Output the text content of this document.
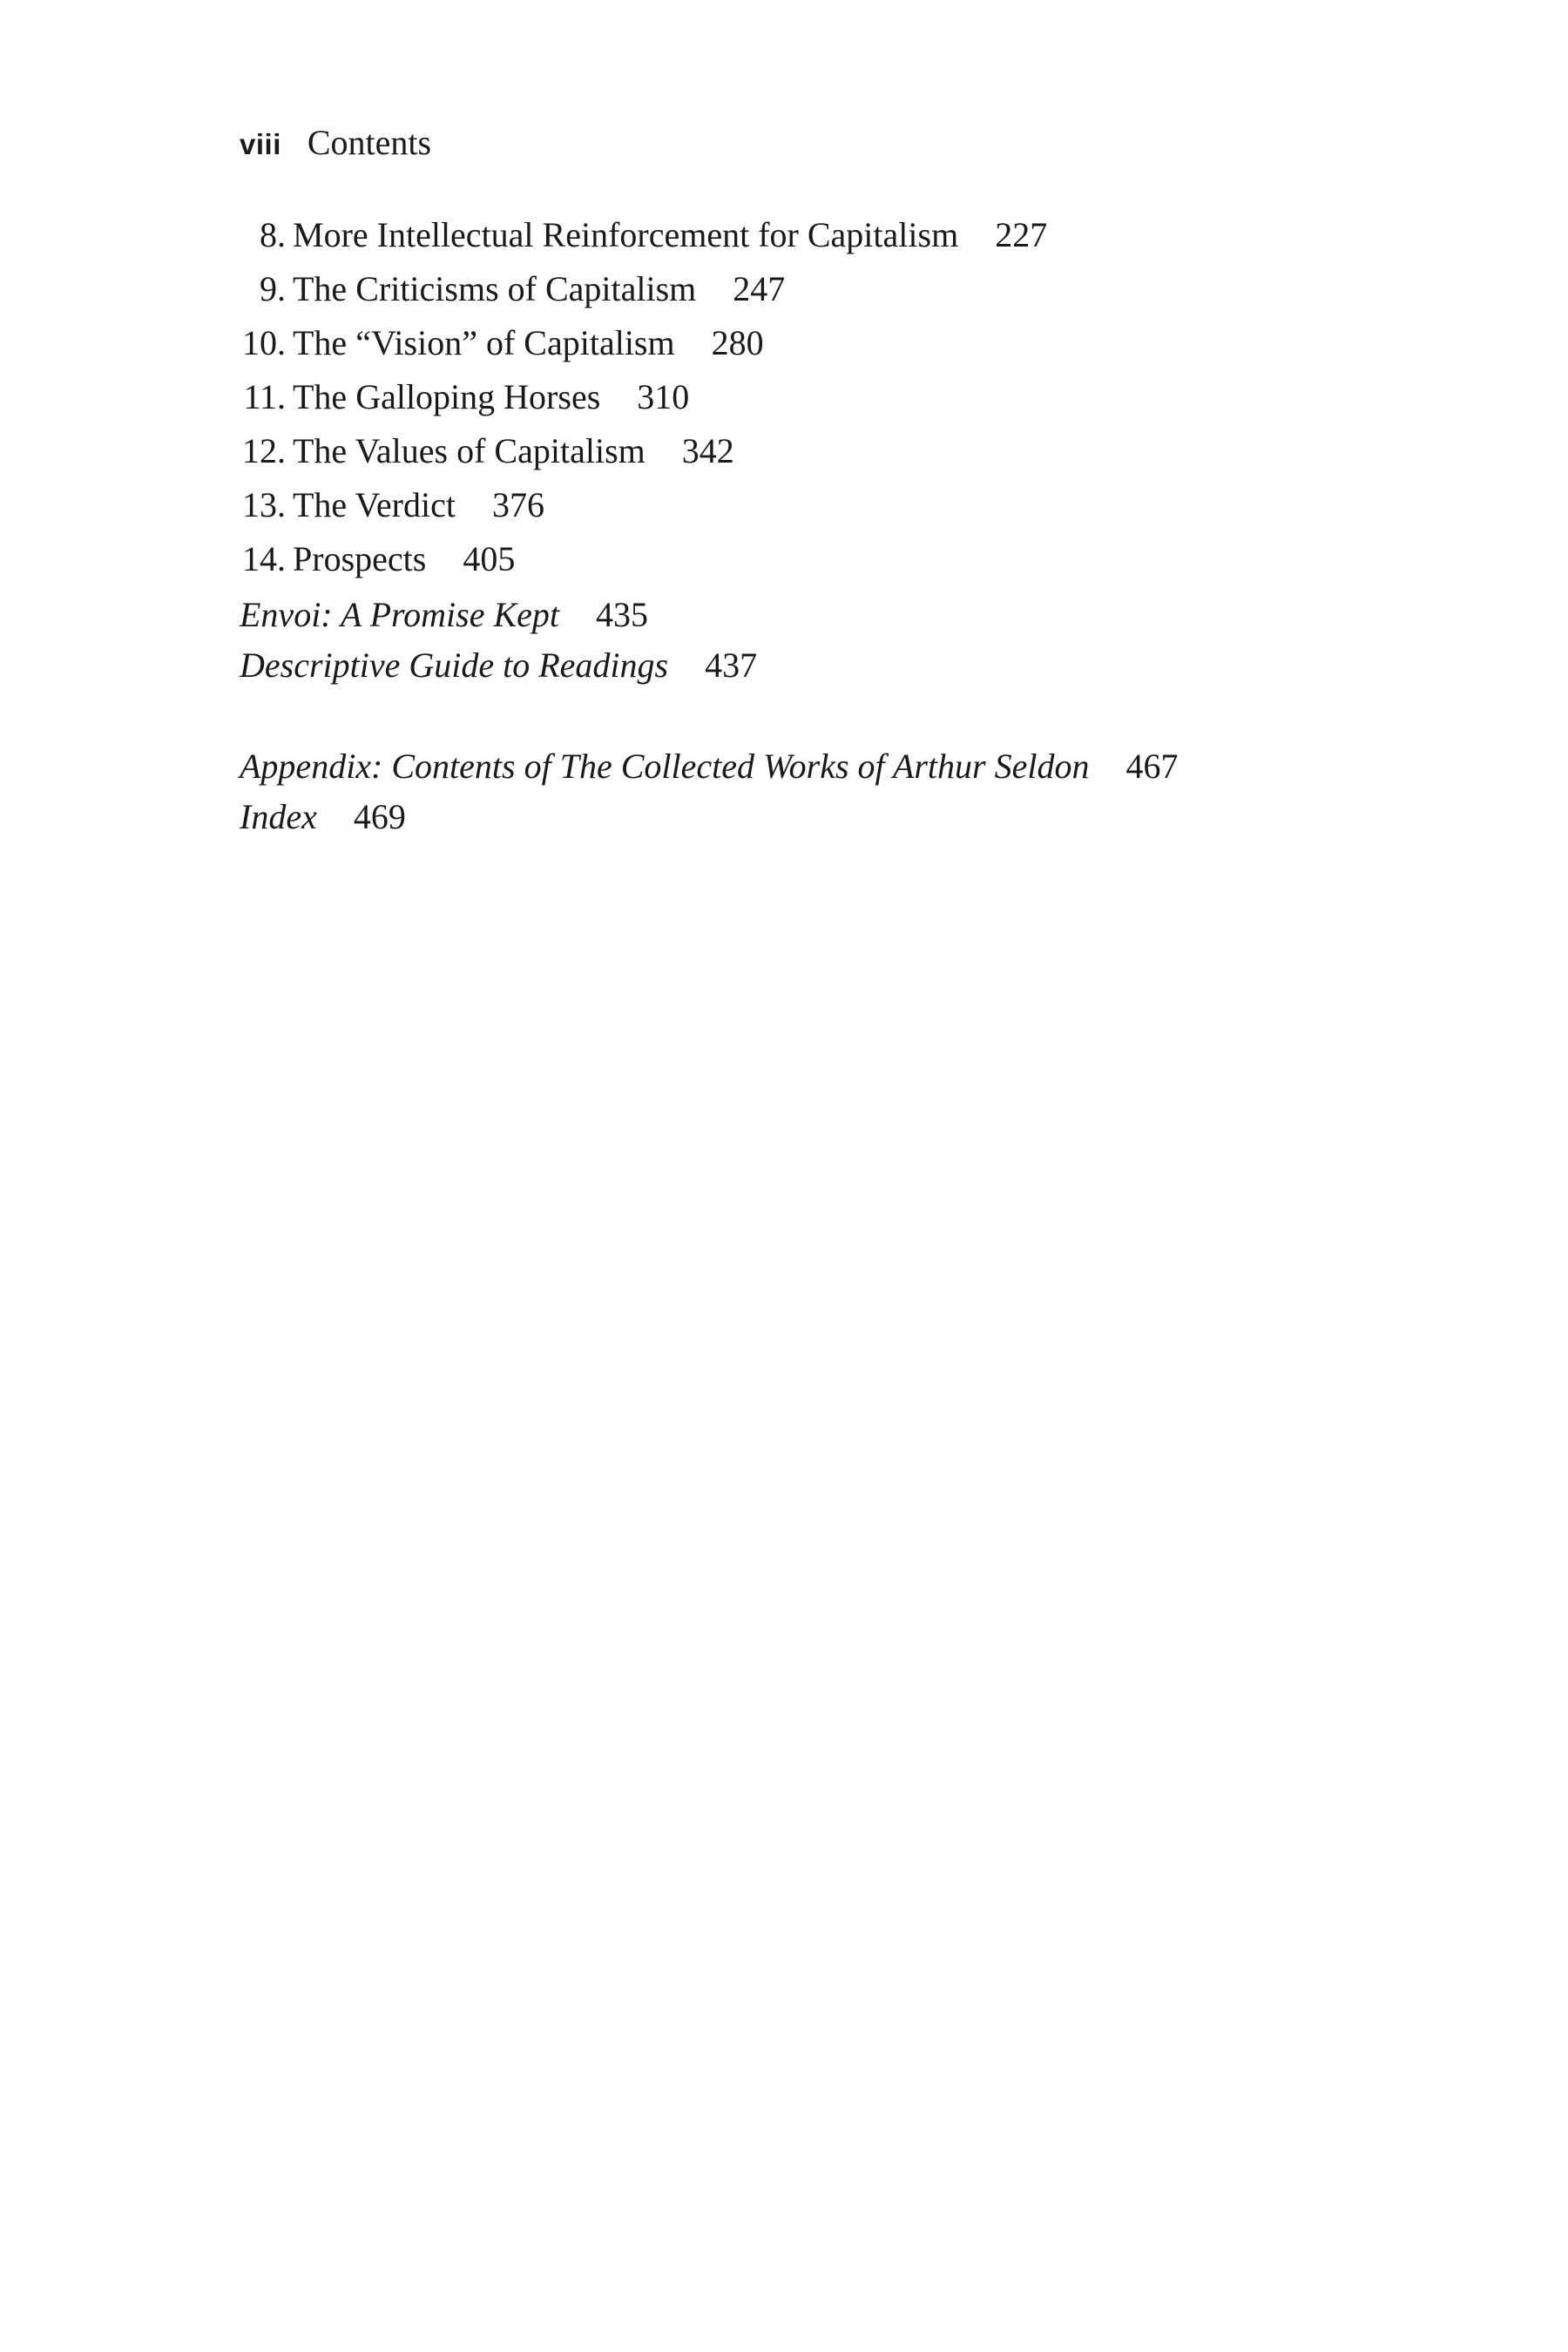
viii Contents
8. More Intellectual Reinforcement for Capitalism 227
9. The Criticisms of Capitalism 247
10. The “Vision” of Capitalism 280
11. The Galloping Horses 310
12. The Values of Capitalism 342
13. The Verdict 376
14. Prospects 405
Envoi: A Promise Kept 435
Descriptive Guide to Readings 437
Appendix: Contents of The Collected Works of Arthur Seldon 467
Index 469
